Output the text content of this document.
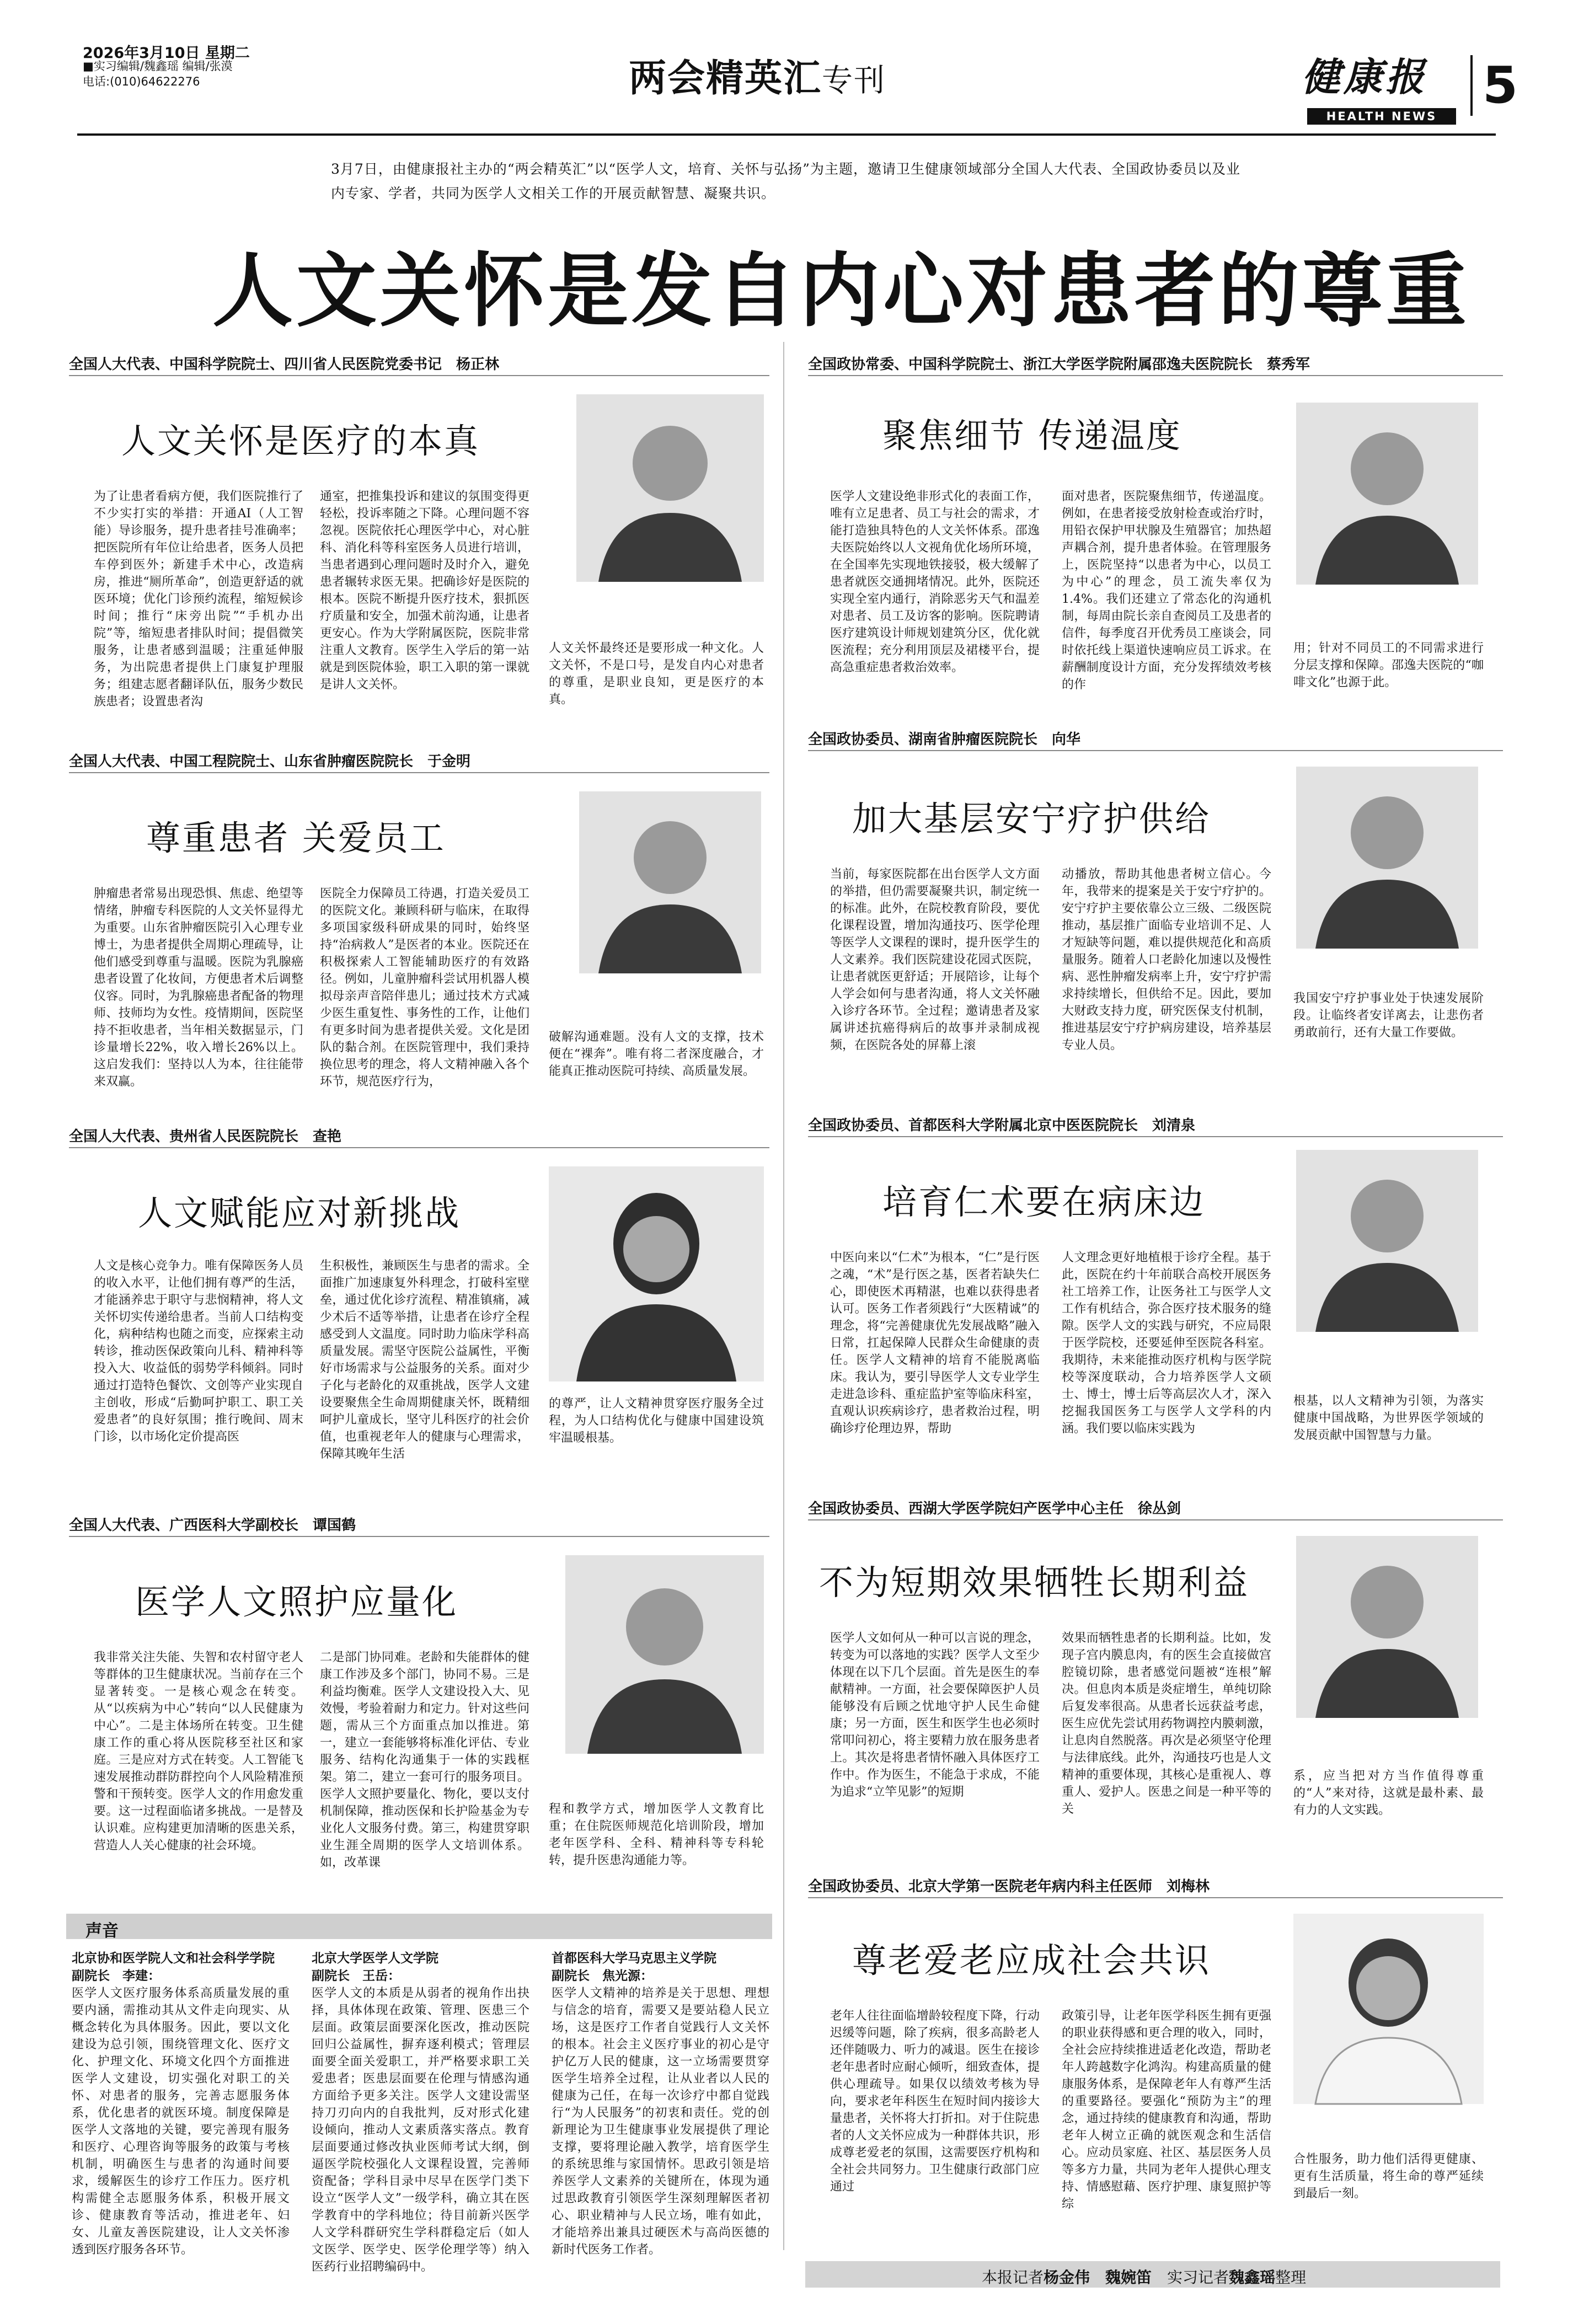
2026年3月10日 星期二
■实习编辑/魏鑫瑶 编辑/张漠
电话:(010)64622276	两会精英汇专刊	健康报
HEALTH NEWS
5
3月7日，由健康报社主办的“两会精英汇”以“医学人文，培育、关怀与弘扬”为主题，邀请卫生健康领域部分全国人大代表、全国政协委员以及业内专家、学者，共同为医学人文相关工作的开展贡献智慧、凝聚共识。
人文关怀是发自内心对患者的尊重
全国人大代表、中国科学院院士、四川省人民医院党委书记　杨正林
人文关怀是医疗的本真
为了让患者看病方便，我们医院推行了不少实打实的举措：开通AI（人工智能）导诊服务，提升患者挂号准确率；把医院所有年位让给患者，医务人员把车停到医外；新建手术中心，改造病房，推进“厕所革命”，创造更舒适的就医环境；优化门诊预约流程，缩短候诊时间；推行“床旁出院”“手机办出院”等，缩短患者排队时间；提倡微笑服务，让患者感到温暖；注重延伸服务，为出院患者提供上门康复护理服务；组建志愿者翻译队伍，服务少数民族患者；设置患者沟
通室，把推集投诉和建议的氛围变得更轻松，投诉率随之下降。心理问题不容忽视。医院依托心理医学中心，对心脏科、消化科等科室医务人员进行培训，当患者遇到心理问题时及时介入，避免患者辗转求医无果。把确诊好是医院的根本。医院不断提升医疗技术，狠抓医疗质量和安全，加强术前沟通，让患者更安心。作为大学附属医院，医院非常注重人文教育。医学生入学后的第一站就是到医院体验，职工入职的第一课就是讲人文关怀。
人文关怀最终还是要形成一种文化。人文关怀，不是口号，是发自内心对患者的尊重，是职业良知，更是医疗的本真。
全国人大代表、中国工程院院士、山东省肿瘤医院院长　于金明
尊重患者 关爱员工
肿瘤患者常易出现恐惧、焦虑、绝望等情绪，肿瘤专科医院的人文关怀显得尤为重要。山东省肿瘤医院引入心理专业博士，为患者提供全周期心理疏导，让他们感受到尊重与温暖。医院为乳腺癌患者设置了化妆间，方便患者术后调整仪容。同时，为乳腺癌患者配备的物理师、技师均为女性。疫情期间，医院坚持不拒收患者，当年相关数据显示，门诊量增长22%，收入增长26%以上。这启发我们：坚持以人为本，往往能带来双赢。
医院全力保障员工待遇，打造关爱员工的医院文化。兼顾科研与临床，在取得多项国家级科研成果的同时，始终坚持“治病救人”是医者的本业。医院还在积极探索人工智能辅助医疗的有效路径。例如，儿童肿瘤科尝试用机器人模拟母亲声音陪伴患儿；通过技术方式减少医生重复性、事务性的工作，让他们有更多时间为患者提供关爱。文化是团队的黏合剂。在医院管理中，我们秉持换位思考的理念，将人文精神融入各个环节，规范医疗行为，
破解沟通难题。没有人文的支撑，技术便在“裸奔”。唯有将二者深度融合，才能真正推动医院可持续、高质量发展。
全国人大代表、贵州省人民医院院长　查艳
人文赋能应对新挑战
人文是核心竞争力。唯有保障医务人员的收入水平，让他们拥有尊严的生活，才能涵养忠于职守与悲悯精神，将人文关怀切实传递给患者。当前人口结构变化，病种结构也随之而变，应探索主动转诊，推动医保政策向儿科、精神科等投入大、收益低的弱势学科倾斜。同时通过打造特色餐饮、文创等产业实现自主创收，形成“后勤呵护职工、职工关爱患者”的良好氛围；推行晚间、周末门诊，以市场化定价提高医
生积极性，兼顾医生与患者的需求。全面推广加速康复外科理念，打破科室壁垒，通过优化诊疗流程、精准镇痛，减少术后不适等举措，让患者在诊疗全程感受到人文温度。同时助力临床学科高质量发展。需坚守医院公益属性，平衡好市场需求与公益服务的关系。面对少子化与老龄化的双重挑战，医学人文建设要聚焦全生命周期健康关怀，既精细呵护儿童成长，坚守儿科医疗的社会价值，也重视老年人的健康与心理需求，保障其晚年生活
的尊严，让人文精神贯穿医疗服务全过程，为人口结构优化与健康中国建设筑牢温暖根基。
全国人大代表、广西医科大学副校长　谭国鹤
医学人文照护应量化
我非常关注失能、失智和农村留守老人等群体的卫生健康状况。当前存在三个显著转变。一是核心观念在转变。从“以疾病为中心”转向“以人民健康为中心”。二是主体场所在转变。卫生健康工作的重心将从医院移至社区和家庭。三是应对方式在转变。人工智能飞速发展推动群防群控向个人风险精准预警和干预转变。医学人文的作用愈发重要。这一过程面临诸多挑战。一是替及认识难。应构建更加清晰的医患关系，营造人人关心健康的社会环境。
二是部门协同难。老龄和失能群体的健康工作涉及多个部门，协同不易。三是利益均衡难。医学人文建设投入大、见效慢，考验着耐力和定力。针对这些问题，需从三个方面重点加以推进。第一，建立一套能够将标准化评估、专业服务、结构化沟通集于一体的实践框架。第二，建立一套可行的服务项目。医学人文照护要量化、物化，要以支付机制保障，推动医保和长护险基金为专业化人文服务付费。第三，构建贯穿职业生涯全周期的医学人文培训体系。如，改革课
程和教学方式，增加医学人文教育比重；在住院医师规范化培训阶段，增加老年医学科、全科、精神科等专科轮转，提升医患沟通能力等。
声音
北京协和医学院人文和社会科学学院
副院长　李建：
医学人文医疗服务体系高质量发展的重要内涵，需推动其从文件走向现实、从概念转化为具体服务。因此，要以文化建设为总引领，围绕管理文化、医疗文化、护理文化、环境文化四个方面推进医学人文建设，切实强化对职工的关怀、对患者的服务，完善志愿服务体系，优化患者的就医环境。制度保障是医学人文落地的关键，要完善现有服务和医疗、心理咨询等服务的政策与考核机制，明确医生与患者的沟通时间要求，缓解医生的诊疗工作压力。医疗机构需健全志愿服务体系，积极开展文诊、健康教育等活动，推进老年、妇女、儿童友善医院建设，让人文关怀渗透到医疗服务各环节。
北京大学医学人文学院
副院长　王岳：
医学人文的本质是从弱者的视角作出抉择，具体体现在政策、管理、医患三个层面。政策层面要深化医改，推动医院回归公益属性，摒弃逐利模式；管理层面要全面关爱职工，并严格要求职工关爱患者；医患层面要在伦理与情感沟通方面给予更多关注。医学人文建设需坚持刀刃向内的自我批判，反对形式化建设倾向，推动人文素质落实落点。教育层面要通过修改执业医师考试大纲，倒逼医学院校强化人文课程设置，完善师资配备；学科目录中尽早在医学门类下设立“医学人文”一级学科，确立其在医学教育中的学科地位；待目前新兴医学人文学科群研究生学科群稳定后（如人文医学、医学史、医学伦理学等）纳入医药行业招聘编码中。
首都医科大学马克思主义学院
副院长　焦光源：
医学人文精神的培养是关于思想、理想与信念的培育，需要又是要站稳人民立场，这是医疗工作者自觉践行人文关怀的根本。社会主义医疗事业的初心是守护亿万人民的健康，这一立场需要贯穿医学生培养全过程，让从业者以人民的健康为己任，在每一次诊疗中都自觉践行“为人民服务”的初衷和责任。党的创新理论为卫生健康事业发展提供了理论支撑，要将理论融入教学，培育医学生的系统思维与家国情怀。思政引领是培养医学人文素养的关键所在，体现为通过思政教育引领医学生深刻理解医者初心、职业精神与人民立场，唯有如此，才能培养出兼具过硬医术与高尚医德的新时代医务工作者。
全国政协常委、中国科学院院士、浙江大学医学院附属邵逸夫医院院长　蔡秀军
聚焦细节 传递温度
医学人文建设绝非形式化的表面工作，唯有立足患者、员工与社会的需求，才能打造独具特色的人文关怀体系。邵逸夫医院始终以人文视角优化场所环境，在全国率先实现地铁接驳，极大缓解了患者就医交通拥堵情况。此外，医院还实现全室内通行，消除恶劣天气和温差对患者、员工及访客的影响。医院聘请医疗建筑设计师规划建筑分区，优化就医流程；充分利用顶层及裙楼平台，提高急重症患者救治效率。
面对患者，医院聚焦细节，传递温度。例如，在患者接受放射检查或治疗时，用铅衣保护甲状腺及生殖器官；加热超声耦合剂，提升患者体验。在管理服务上，医院坚持“以患者为中心，以员工为中心”的理念，员工流失率仅为1.4%。我们还建立了常态化的沟通机制，每周由院长亲自查阅员工及患者的信件，每季度召开优秀员工座谈会，同时依托线上渠道快速响应员工诉求。在薪酬制度设计方面，充分发挥绩效考核的作
用；针对不同员工的不同需求进行分层支撑和保障。邵逸夫医院的“咖啡文化”也源于此。
全国政协委员、湖南省肿瘤医院院长　向华
加大基层安宁疗护供给
当前，每家医院都在出台医学人文方面的举措，但仍需要凝聚共识，制定统一的标准。此外，在院校教育阶段，要优化课程设置，增加沟通技巧、医学伦理等医学人文课程的课时，提升医学生的人文素养。我们医院建设花园式医院，让患者就医更舒适；开展陪诊，让每个人学会如何与患者沟通，将人文关怀融入诊疗各环节。全过程；邀请患者及家属讲述抗癌得病后的故事并录制成视频，在医院各处的屏幕上滚
动播放，帮助其他患者树立信心。今年，我带来的提案是关于安宁疗护的。安宁疗护主要依靠公立三级、二级医院推动，基层推广面临专业培训不足、人才短缺等问题，难以提供规范化和高质量服务。随着人口老龄化加速以及慢性病、恶性肿瘤发病率上升，安宁疗护需求持续增长，但供给不足。因此，要加大财政支持力度，研究医保支付机制，推进基层安宁疗护病房建设，培养基层专业人员。
我国安宁疗护事业处于快速发展阶段。让临终者安详离去，让悲伤者勇敢前行，还有大量工作要做。
全国政协委员、首都医科大学附属北京中医医院院长　刘清泉
培育仁术要在病床边
中医向来以“仁术”为根本，“仁”是行医之魂，“术”是行医之基，医者若缺失仁心，即使医术再精湛，也难以获得患者认可。医务工作者须践行“大医精诚”的理念，将“完善健康优先发展战略”融入日常，扛起保障人民群众生命健康的责任。医学人文精神的培育不能脱离临床。我认为，要引导医学人文专业学生走进急诊科、重症监护室等临床科室，直观认识疾病诊疗，患者救治过程，明确诊疗伦理边界，帮助
人文理念更好地植根于诊疗全程。基于此，医院在约十年前联合高校开展医务社工培养工作，让医务社工与医学人文工作有机结合，弥合医疗技术服务的缝隙。医学人文的实践与研究，不应局限于医学院校，还要延伸至医院各科室。我期待，未来能推动医疗机构与医学院校等深度联动，合力培养医学人文硕士、博士，博士后等高层次人才，深入挖掘我国医务工与医学人文学科的内涵。我们要以临床实践为
根基，以人文精神为引领，为落实健康中国战略，为世界医学领域的发展贡献中国智慧与力量。
全国政协委员、西湖大学医学院妇产医学中心主任　徐丛剑
不为短期效果牺牲长期利益
医学人文如何从一种可以言说的理念，转变为可以落地的实践？医学人文至少体现在以下几个层面。首先是医生的奉献精神。一方面，社会要保障医护人员能够没有后顾之忧地守护人民生命健康；另一方面，医生和医学生也必须时常叩问初心，将主要精力放在服务患者上。其次是将患者情怀融入具体医疗工作中。作为医生，不能急于求成，不能为追求“立竿见影”的短期
效果而牺牲患者的长期利益。比如，发现子宫内膜息肉，有的医生会直接做宫腔镜切除，患者感觉问题被“连根”解决。但息肉本质是炎症增生，单纯切除后复发率很高。从患者长远获益考虑，医生应优先尝试用药物调控内膜刺激，让息肉自然脱落。再次是必须坚守伦理与法律底线。此外，沟通技巧也是人文精神的重要体现，其核心是重视人、尊重人、爱护人。医患之间是一种平等的关
系，应当把对方当作值得尊重的“人”来对待，这就是最朴素、最有力的人文实践。
全国政协委员、北京大学第一医院老年病内科主任医师　刘梅林
尊老爱老应成社会共识
老年人往往面临增龄较程度下降，行动迟缓等问题，除了疾病，很多高龄老人还伴随吸力、听力的减退。医生在接诊老年患者时应耐心倾听，细致查体，提供心理疏导。如果仅以绩效考核为导向，要求老年科医生在短时间内接诊大量患者，关怀将大打折扣。对于住院患者的人文关怀应成为一种群体共识，形成尊老爱老的氛围，这需要医疗机构和全社会共同努力。卫生健康行政部门应通过
政策引导，让老年医学科医生拥有更强的职业获得感和更合理的收入，同时，全社会应持续推进适老化改造，帮助老年人跨越数字化鸿沟。构建高质量的健康服务体系，是保障老年人有尊严生活的重要路径。要强化“预防为主”的理念，通过持续的健康教育和沟通，帮助老年人树立正确的就医观念和生活信心。应动员家庭、社区、基层医务人员等多方力量，共同为老年人提供心理支持、情感慰藉、医疗护理、康复照护等综
合性服务，助力他们活得更健康、更有生活质量，将生命的尊严延续到最后一刻。
本报记者杨金伟　魏婉笛　 实习记者魏鑫瑶整理
